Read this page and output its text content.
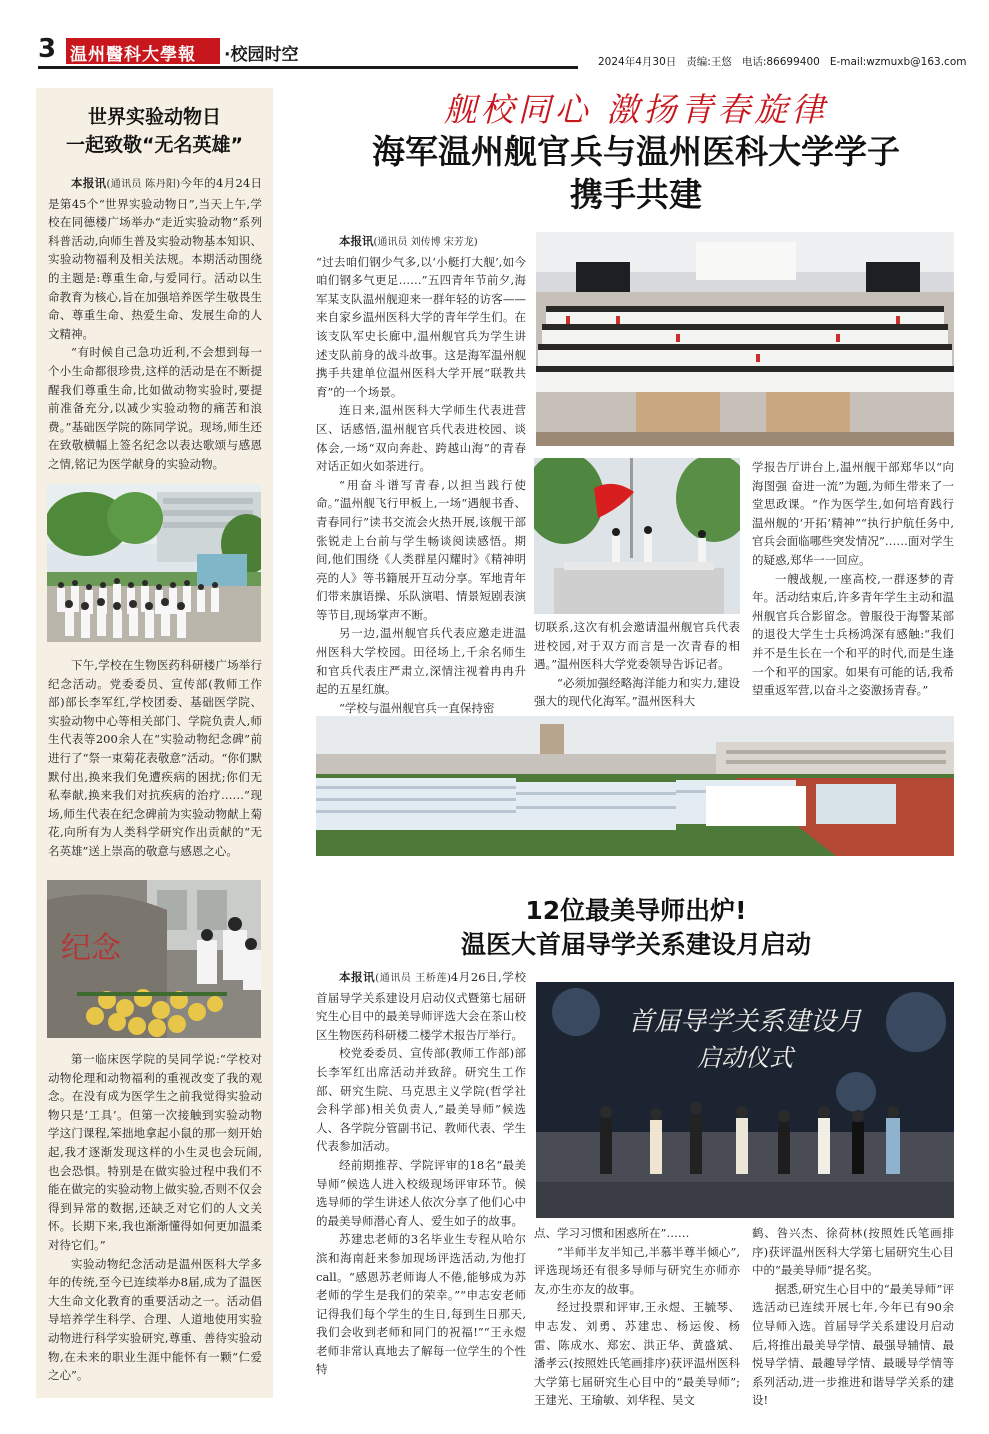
3 温州醫科大學報	·校园时空	2024年4月30日 责编:王悠 电话:86699400 E-mail:wzmuxb@163.com
世界实验动物日
一起致敬“无名英雄”

本报讯(通讯员 陈丹阳)今年的4月24日是第45个“世界实验动物日”,当天上午,学校在同德楼广场举办“走近实验动物”系列科普活动,向师生普及实验动物基本知识、实验动物福利及相关法规。本期活动围绕的主题是:尊重生命,与爱同行。活动以生命教育为核心,旨在加强培养医学生敬畏生命、尊重生命、热爱生命、发展生命的人文精神。

“有时候自己急功近利,不会想到每一个小生命都很珍贵,这样的活动是在不断提醒我们尊重生命,比如做动物实验时,要提前准备充分,以减少实验动物的痛苦和浪费。”基础医学院的陈同学说。现场,师生还在致敬横幅上签名纪念以表达歌颂与感恩之情,铭记为医学献身的实验动物。

下午,学校在生物医药科研楼广场举行纪念活动。党委委员、宣传部(教师工作部)部长李军红,学校团委、基础医学院、实验动物中心等相关部门、学院负责人,师生代表等200余人在“实验动物纪念碑”前进行了“祭一束菊花表敬意”活动。“你们默默付出,换来我们免遭疾病的困扰;你们无私奉献,换来我们对抗疾病的治疗……”现场,师生代表在纪念碑前为实验动物献上菊花,向所有为人类科学研究作出贡献的“无名英雄”送上崇高的敬意与感恩之心。

纪念

第一临床医学院的吴同学说:“学校对动物伦理和动物福利的重视改变了我的观念。在没有成为医学生之前我觉得实验动物只是‘工具’。但第一次接触到实验动物学这门课程,笨拙地拿起小鼠的那一刻开始起,我才逐渐发现这样的小生灵也会玩闹,也会恐惧。特别是在做实验过程中我们不能在做完的实验动物上做实验,否则不仅会得到异常的数据,还缺乏对它们的人文关怀。长期下来,我也渐渐懂得如何更加温柔对待它们。”

实验动物纪念活动是温州医科大学多年的传统,至今已连续举办8届,成为了温医大生命文化教育的重要活动之一。活动倡导培养学生科学、合理、人道地使用实验动物进行科学实验研究,尊重、善待实验动物,在未来的职业生涯中能怀有一颗“仁爱之心”。

舰校同心 激扬青春旋律
海军温州舰官兵与温州医科大学学子
携手共建

本报讯(通讯员 刘传博 宋芳龙)

“过去咱们钢少气多,以‘小艇打大舰’,如今咱们钢多气更足……”五四青年节前夕,海军某支队温州舰迎来一群年轻的访客——来自家乡温州医科大学的青年学生们。在该支队军史长廊中,温州舰官兵为学生讲述支队前身的战斗故事。这是海军温州舰携手共建单位温州医科大学开展“联教共育”的一个场景。

连日来,温州医科大学师生代表进营区、话感悟,温州舰官兵代表进校园、谈体会,一场“双向奔赴、跨越山海”的青春对话正如火如荼进行。

“用奋斗谱写青春,以担当践行使命。”温州舰飞行甲板上,一场“遇舰书香、青春同行”读书交流会火热开展,该舰干部张锐走上台前与学生畅谈阅读感悟。期间,他们围绕《人类群星闪耀时》《精神明亮的人》等书籍展开互动分享。军地青年们带来旗语操、乐队演唱、情景短剧表演等节目,现场掌声不断。

另一边,温州舰官兵代表应邀走进温州医科大学校园。田径场上,千余名师生和官兵代表庄严肃立,深情注视着冉冉升起的五星红旗。

“学校与温州舰官兵一直保持密

切联系,这次有机会邀请温州舰官兵代表进校园,对于双方而言是一次青春的相遇。”温州医科大学党委领导告诉记者。

“必须加强经略海洋能力和实力,建设强大的现代化海军。”温州医科大

学报告厅讲台上,温州舰干部郑华以“向海图强 奋进一流”为题,为师生带来了一堂思政课。“作为医学生,如何培育践行温州舰的‘开拓’精神”“执行护航任务中,官兵会面临哪些突发情况”……面对学生的疑惑,郑华一一回应。

一艘战舰,一座高校,一群逐梦的青年。活动结束后,许多青年学生主动和温州舰官兵合影留念。曾服役于海警某部的退役大学生士兵杨鸿深有感触:“我们并不是生长在一个和平的时代,而是生逢一个和平的国家。如果有可能的话,我希望重返军营,以奋斗之姿激扬青春。”

12位最美导师出炉!
温医大首届导学关系建设月启动

本报讯(通讯员 王桥莲)4月26日,学校首届导学关系建设月启动仪式暨第七届研究生心目中的最美导师评选大会在茶山校区生物医药科研楼二楼学术报告厅举行。

校党委委员、宣传部(教师工作部)部长李军红出席活动并致辞。研究生工作部、研究生院、马克思主义学院(哲学社会科学部)相关负责人,“最美导师”候选人、各学院分管副书记、教师代表、学生代表参加活动。

经前期推荐、学院评审的18名“最美导师”候选人进入校级现场评审环节。候选导师的学生讲述人依次分享了他们心中的最美导师潜心育人、爱生如子的故事。

苏建忠老师的3名毕业生专程从哈尔滨和海南赶来参加现场评选活动,为他打call。“感恩苏老师诲人不倦,能够成为苏老师的学生是我们的荣幸。”“申志安老师记得我们每个学生的生日,每到生日那天,我们会收到老师和同门的祝福!”“王永煜老师非常认真地去了解每一位学生的个性特

首届导学关系建设月
启动仪式

点、学习习惯和困惑所在”……

“半师半友半知己,半慕半尊半倾心”,评选现场还有很多导师与研究生亦师亦友,亦生亦友的故事。

经过投票和评审,王永煜、王毓琴、申志发、刘勇、苏建忠、杨运俊、杨雷、陈成水、郑宏、洪正华、黄盛斌、潘孝云(按照姓氏笔画排序)获评温州医科大学第七届研究生心目中的“最美导师”;王建光、王瑜敏、刘华程、吴文

鹤、咎兴杰、徐荷林(按照姓氏笔画排序)获评温州医科大学第七届研究生心目中的“最美导师”提名奖。

据悉,研究生心目中的“最美导师”评选活动已连续开展七年,今年已有90余位导师入选。首届导学关系建设月启动后,将推出最美导学情、最强导辅情、最悦导学情、最趣导学情、最暖导学情等系列活动,进一步推进和谐导学关系的建设!
